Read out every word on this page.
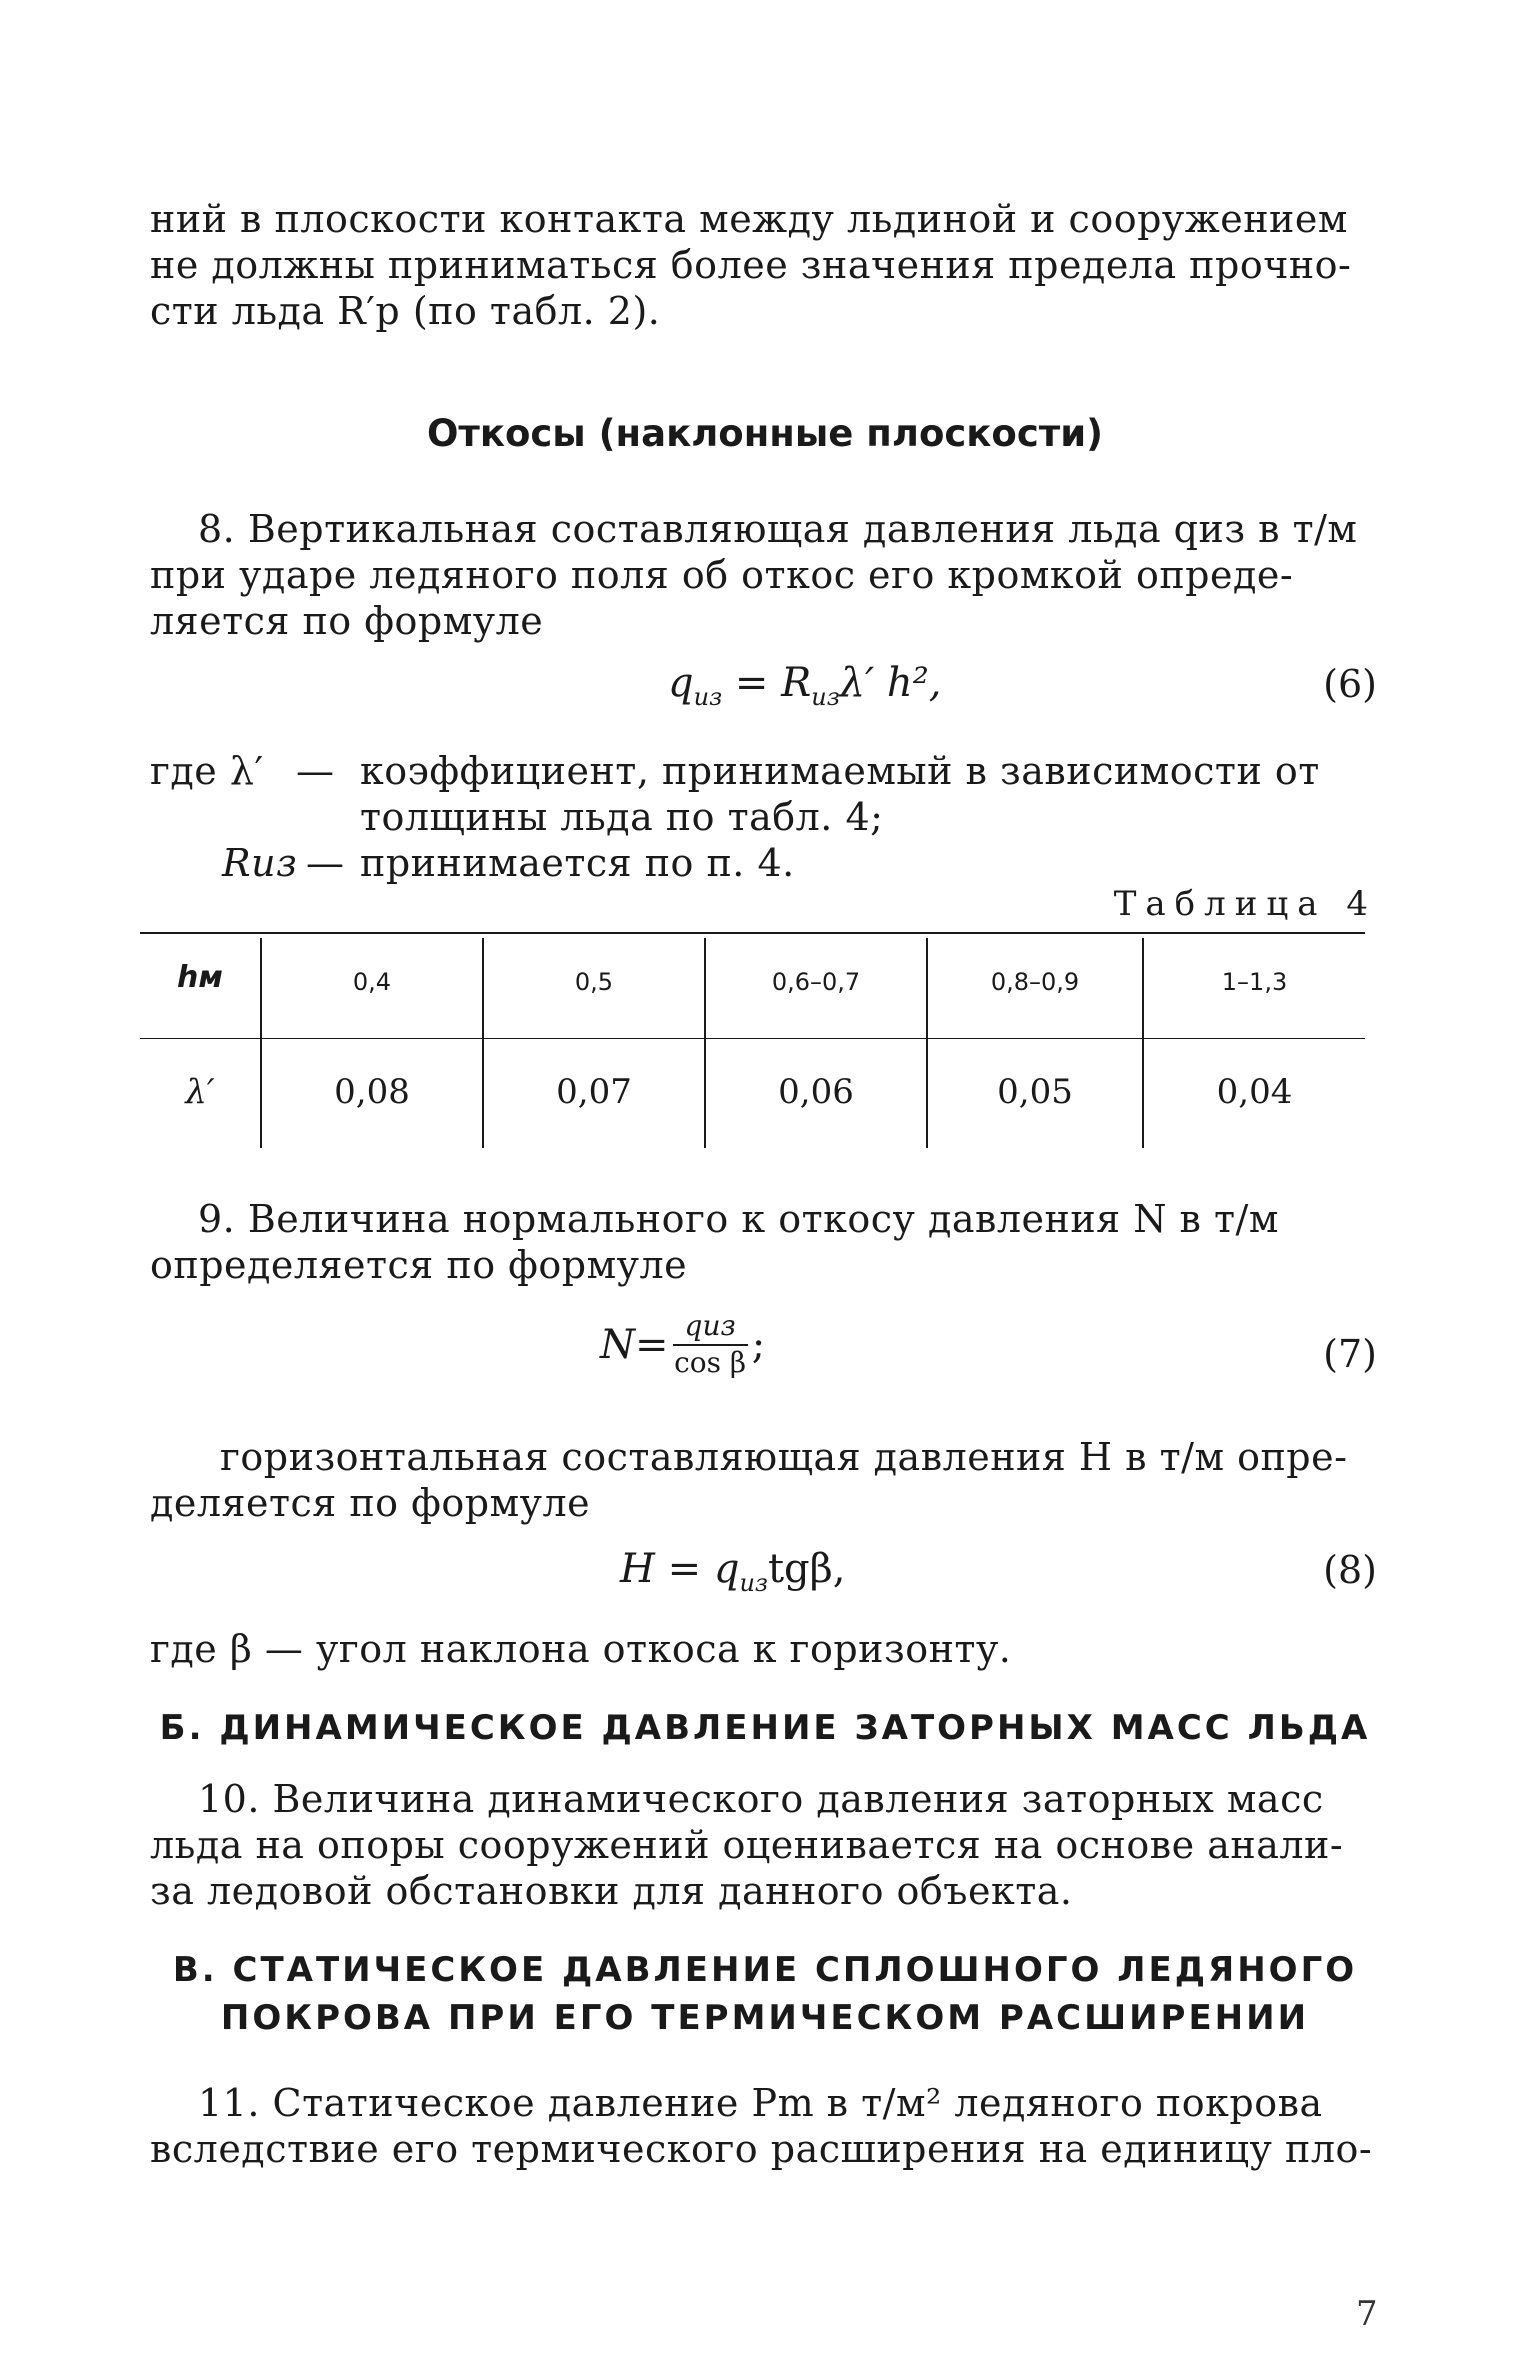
ний в плоскости контакта между льдиной и сооружением
не должны приниматься более значения предела прочно-
сти льда R′р (по табл. 2).
Откосы (наклонные плоскости)
8. Вертикальная составляющая давления льда qиз в т/м
при ударе ледяного поля об откос его кромкой опреде-
ляется по формуле
$q_{из} = R_{из}\lambda'$ h²,	(6)
где λ′ — коэффициент, принимаемый в зависимости от
толщины льда по табл. 4;
Rиз — принимается по п. 4.
Таблица 4
hм	0,4	0,5	0,6–0,7	0,8–0,9	1–1,3
λ′	0,08	0,07	0,06	0,05	0,04
9. Величина нормального к откосу давления N в т/м
определяется по формуле
$N= \frac{\text{qиз}}{\text{cos β}}$ ;	(7)
горизонтальная составляющая давления H в т/м опре-
деляется по формуле
$H = q_{из}tg\beta$,	(8)
где β — угол наклона откоса к горизонту.
Б. ДИНАМИЧЕСКОЕ ДАВЛЕНИЕ ЗАТОРНЫХ МАСС ЛЬДА
10. Величина динамического давления заторных масс
льда на опоры сооружений оценивается на основе анали-
за ледовой обстановки для данного объекта.
В. СТАТИЧЕСКОЕ ДАВЛЕНИЕ СПЛОШНОГО ЛЕДЯНОГО
ПОКРОВА ПРИ ЕГО ТЕРМИЧЕСКОМ РАСШИРЕНИИ
11. Статическое давление Pm в т/м² ледяного покрова
вследствие его термического расширения на единицу пло-
7
